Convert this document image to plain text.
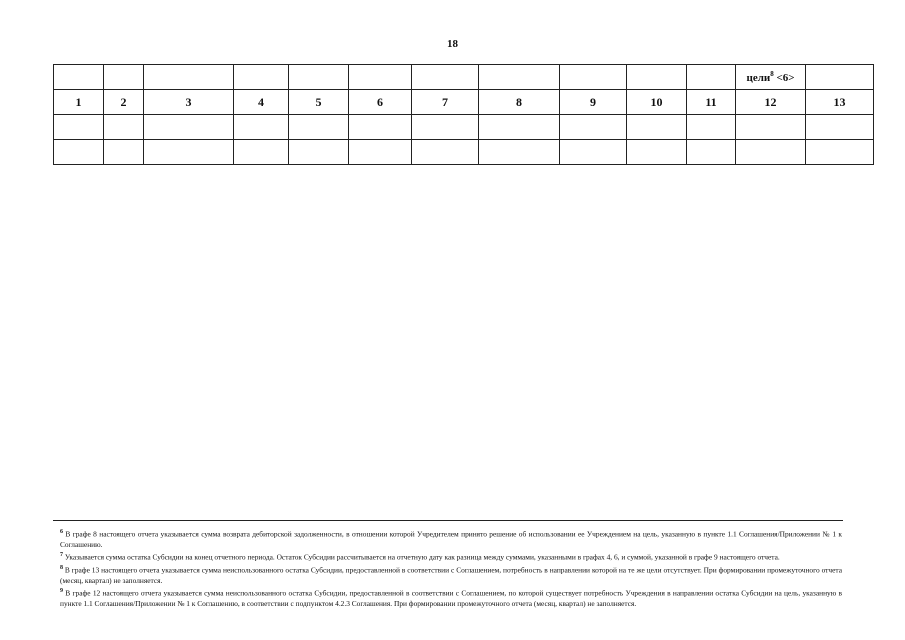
18
											цели$^8$ <6>	
1	2	3	4	5	6	7	8	9	10	11	12	13

$^6$ В графе 8 настоящего отчета указывается сумма возврата дебиторской задолженности, в отношении которой Учредителем принято решение об использовании ее Учреждением на цель, указанную в пункте 1.1 Соглашения/Приложении № 1 к Соглашению.

$^7$ Указывается сумма остатка Субсидии на конец отчетного периода. Остаток Субсидии рассчитывается на отчетную дату как разница между суммами, указанными в графах 4, 6, и суммой, указанной в графе 9 настоящего отчета.

$^8$ В графе 13 настоящего отчета указывается сумма неиспользованного остатка Субсидии, предоставленной в соответствии с Соглашением, потребность в направлении которой на те же цели отсутствует. При формировании промежуточного отчета (месяц, квартал) не заполняется.

$^9$ В графе 12 настоящего отчета указывается сумма неиспользованного остатка Субсидии, предоставленной в соответствии с Соглашением, по которой существует потребность Учреждения в направлении остатка Субсидии на цель, указанную в пункте 1.1 Соглашения/Приложении № 1 к Соглашению, в соответствии с подпунктом 4.2.3 Соглашения. При формировании промежуточного отчета (месяц, квартал) не заполняется.
